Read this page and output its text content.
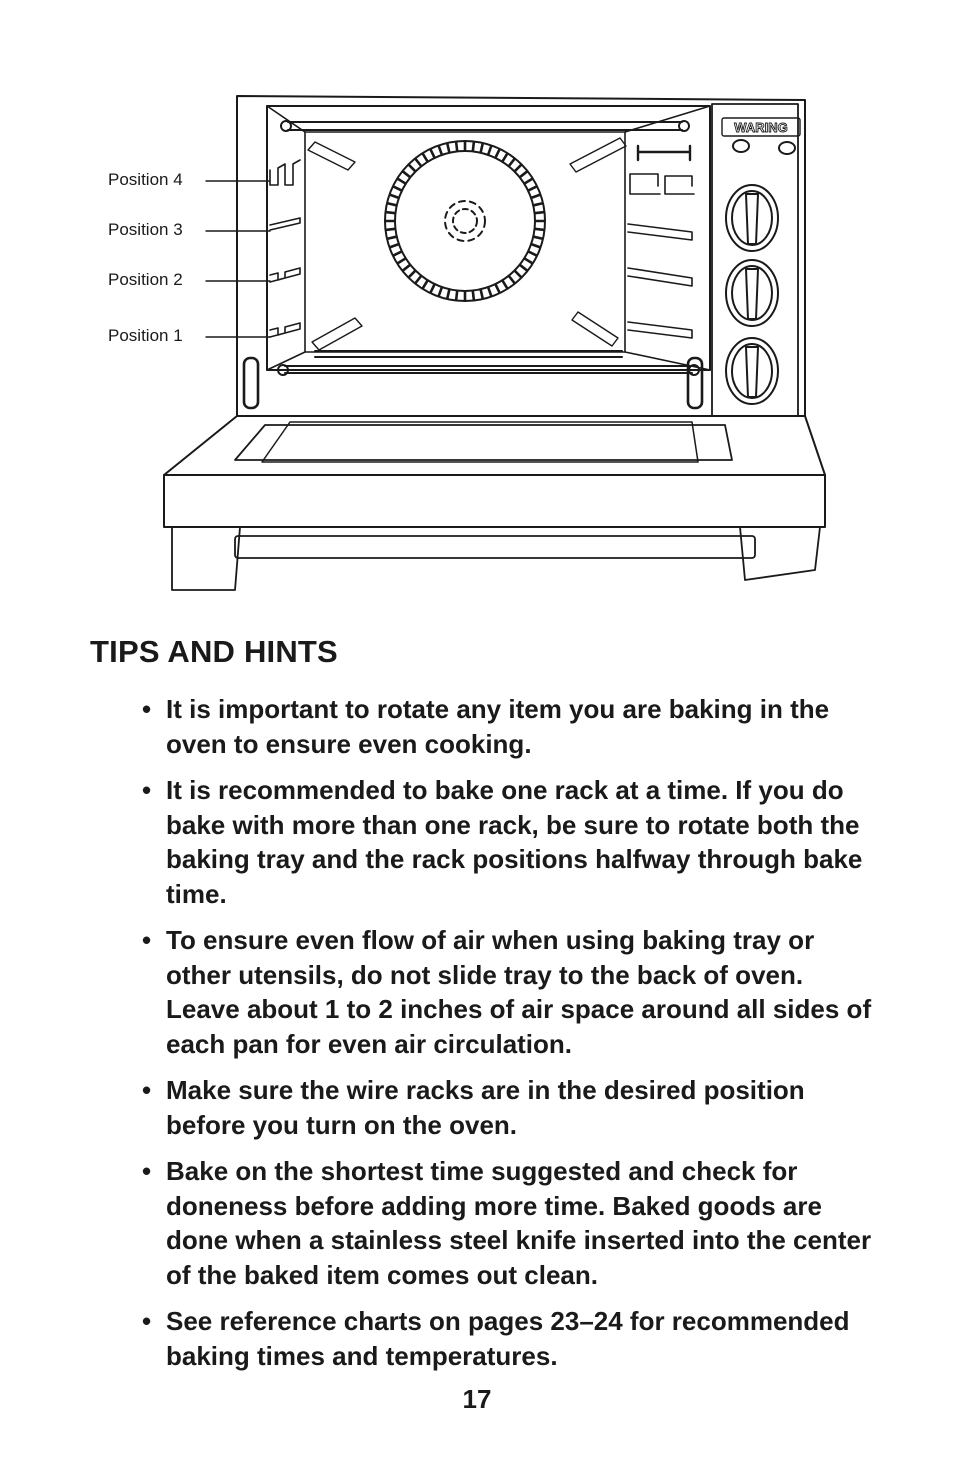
WARING
Position 4
Position 3
Position 2
Position 1
TIPS AND HINTS
• It is important to rotate any item you are baking in the oven to ensure even cooking.
• It is recommended to bake one rack at a time. If you do bake with more than one rack, be sure to rotate both the baking tray and the rack positions halfway through bake time.
• To ensure even flow of air when using baking tray or other utensils, do not slide tray to the back of oven. Leave about 1 to 2 inches of air space around all sides of each pan for even air circulation.
• Make sure the wire racks are in the desired position before you turn on the oven.
• Bake on the shortest time suggested and check for doneness before adding more time. Baked goods are done when a stainless steel knife inserted into the center of the baked item comes out clean.
• See reference charts on pages 23–24 for recommended baking times and temperatures.
17
